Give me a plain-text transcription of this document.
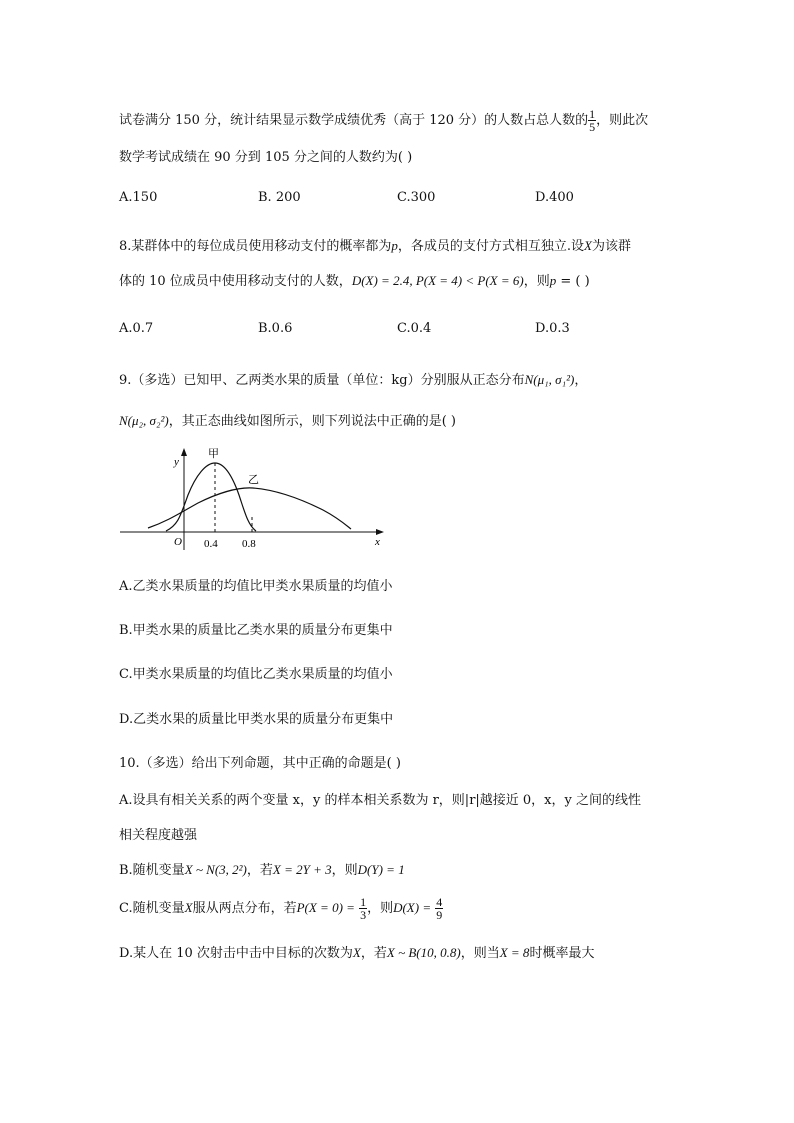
试卷满分 150 分，统计结果显示数学成绩优秀（高于 120 分）的人数占总人数的 $\frac{1}{5}$ ，则此次
数学考试成绩在 90 分到 105 分之间的人数约为( )
A.150	B. 200	C.300	D.400
8.某群体中的每位成员使用移动支付的概率都为p，各成员的支付方式相互独立.设X为该群
体的 10 位成员中使用移动支付的人数，D(X) = 2.4, P(X = 4) < P(X = 6)，则p = ( )
A.0.7	B.0.6	C.0.4	D.0.3
9.（多选）已知甲、乙两类水果的质量（单位：kg）分别服从正态分布N(μ₁, σ₁²)，
N(μ₂, σ₂²)，其正态曲线如图所示，则下列说法中正确的是( )
y
x
O 0.4 0.8
甲
乙
A.乙类水果质量的均值比甲类水果质量的均值小
B.甲类水果的质量比乙类水果的质量分布更集中
C.甲类水果质量的均值比乙类水果质量的均值小
D.乙类水果的质量比甲类水果的质量分布更集中
10.（多选）给出下列命题，其中正确的命题是( )
A.设具有相关关系的两个变量 x，y 的样本相关系数为 r，则|r|越接近 0，x，y 之间的线性
相关程度越强
B.随机变量X ~ N(3, 2²)，若X = 2Y + 3，则D(Y) = 1
C.随机变量X服从两点分布，若$P(X = 0) = \frac{1}{3}$ ，则$D(X) = \frac{4}{9}$
D.某人在 10 次射击中击中目标的次数为X，若X ~ B(10, 0.8)，则当X = 8时概率最大
